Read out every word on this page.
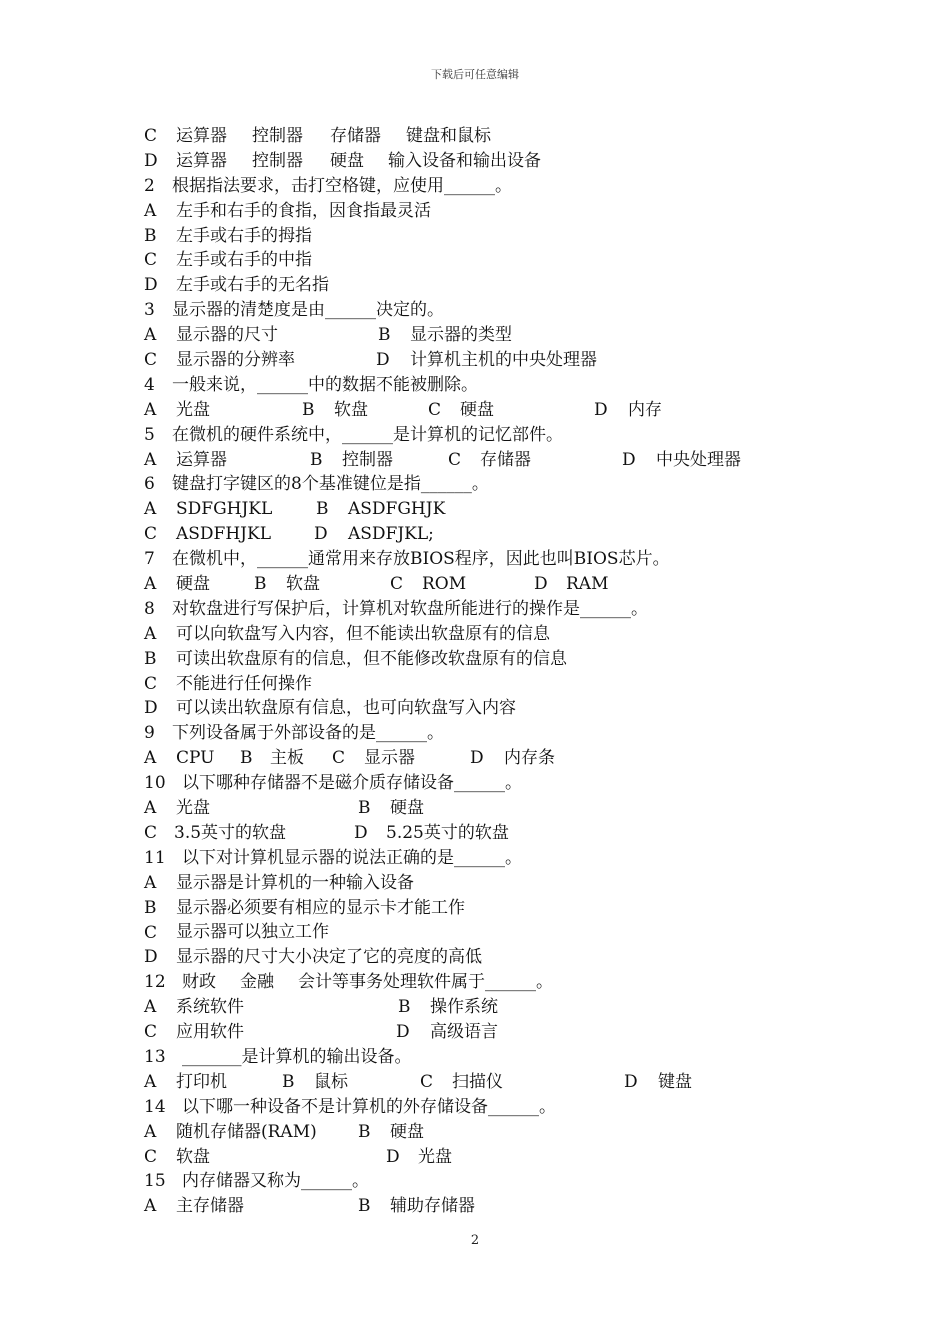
下载后可任意编辑
C 运算器 控制器 存储器 键盘和鼠标
D 运算器 控制器 硬盘 输入设备和输出设备
2 根据指法要求，击打空格键，应使用______。
A 左手和右手的食指，因食指最灵活
B 左手或右手的拇指
C 左手或右手的中指
D 左手或右手的无名指
3 显示器的清楚度是由______决定的。
A 显示器的尺寸	B 显示器的类型
C 显示器的分辨率	D 计算机主机的中央处理器
4 一般来说，______中的数据不能被删除。
A 光盘	B 软盘	C 硬盘	D 内存
5 在微机的硬件系统中，______是计算机的记忆部件。
A 运算器	B 控制器	C 存储器	D 中央处理器
6 键盘打字键区的8个基准键位是指______。
A SDFGHJKL	B ASDFGHJK
C ASDFHJKL	D ASDFJKL;
7 在微机中，______通常用来存放BIOS程序，因此也叫BIOS芯片。
A 硬盘	B 软盘	C ROM	D RAM
8 对软盘进行写保护后，计算机对软盘所能进行的操作是______。
A 可以向软盘写入内容，但不能读出软盘原有的信息
B 可读出软盘原有的信息，但不能修改软盘原有的信息
C 不能进行任何操作
D 可以读出软盘原有信息，也可向软盘写入内容
9 下列设备属于外部设备的是______。
A CPU B 主板 C 显示器	D 内存条
10 以下哪种存储器不是磁介质存储设备______。
A 光盘	B 硬盘
C 3.5英寸的软盘	D 5.25英寸的软盘
11 以下对计算机显示器的说法正确的是______。
A 显示器是计算机的一种输入设备
B 显示器必须要有相应的显示卡才能工作
C 显示器可以独立工作
D 显示器的尺寸大小决定了它的亮度的高低
12 财政 金融 会计等事务处理软件属于______。
A 系统软件	B 操作系统
C 应用软件	D 高级语言
13 _______是计算机的输出设备。
A 打印机	B 鼠标	C 扫描仪	D 键盘
14 以下哪一种设备不是计算机的外存储设备______。
A 随机存储器(RAM) B 硬盘
C 软盘	D 光盘
15 内存储器又称为______。
A 主存储器	B 辅助存储器
2
